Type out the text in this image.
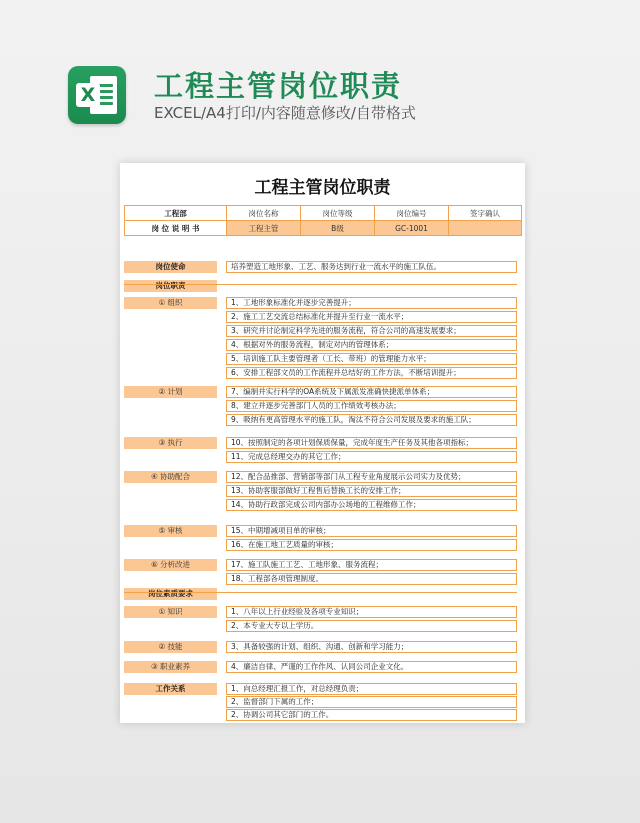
X 工程主管岗位职责
EXCEL/A4打印/内容随意修改/自带格式
工程主管岗位职责
工程部	岗位名称	岗位等级	岗位编号	签字确认
岗 位 说 明 书	工程主管	B级	GC-1001	
岗位使命	培养塑造工地形象、工艺、服务达到行业一流水平的施工队伍。
岗位职责
① 组织	1、工地形象标准化并逐步完善提升；
2、施工工艺交流总结标准化并提升至行业一流水平；
3、研究并讨论制定科学先进的服务流程，符合公司的高速发展要求；
4、根据对外的服务流程，制定对内的管理体系；
5、培训施工队主要管理者（工长、带班）的管理能力水平；
6、安排工程部文员的工作流程并总结好的工作方法，不断培训提升；
② 计划	7、编制并实行科学的OA系统及下属派发准确快捷派单体系；
8、建立并逐步完善部门人员的工作绩效考核办法；
9、吸纳有更高管理水平的施工队，淘汰不符合公司发展及要求的施工队；
③ 执行	10、按照制定的各项计划保质保量，完成年度生产任务及其他各项指标；
11、完成总经理交办的其它工作；
④ 协助配合	12、配合品推部、营销部等部门从工程专业角度展示公司实力及优势；
13、协助客服部做好工程售后替换工长的安排工作；
14、协助行政部完成公司内部办公场地的工程维修工作；
⑤ 审核	15、中期增减项目单的审核；
16、在施工地工艺质量的审核；
⑥ 分析改进	17、施工队施工工艺、工地形象、服务流程；
18、工程部各项管理制度。
岗位素质要求
① 知识	1、八年以上行业经验及各项专业知识；
2、本专业大专以上学历。
② 技能	3、具备较强的计划、组织、沟通、创新和学习能力；
③ 职业素养	4、廉洁自律、严谨的工作作风、认同公司企业文化。
工作关系	1、向总经理汇报工作，对总经理负责；
2、监督部门下属的工作；
2、协调公司其它部门的工作。
